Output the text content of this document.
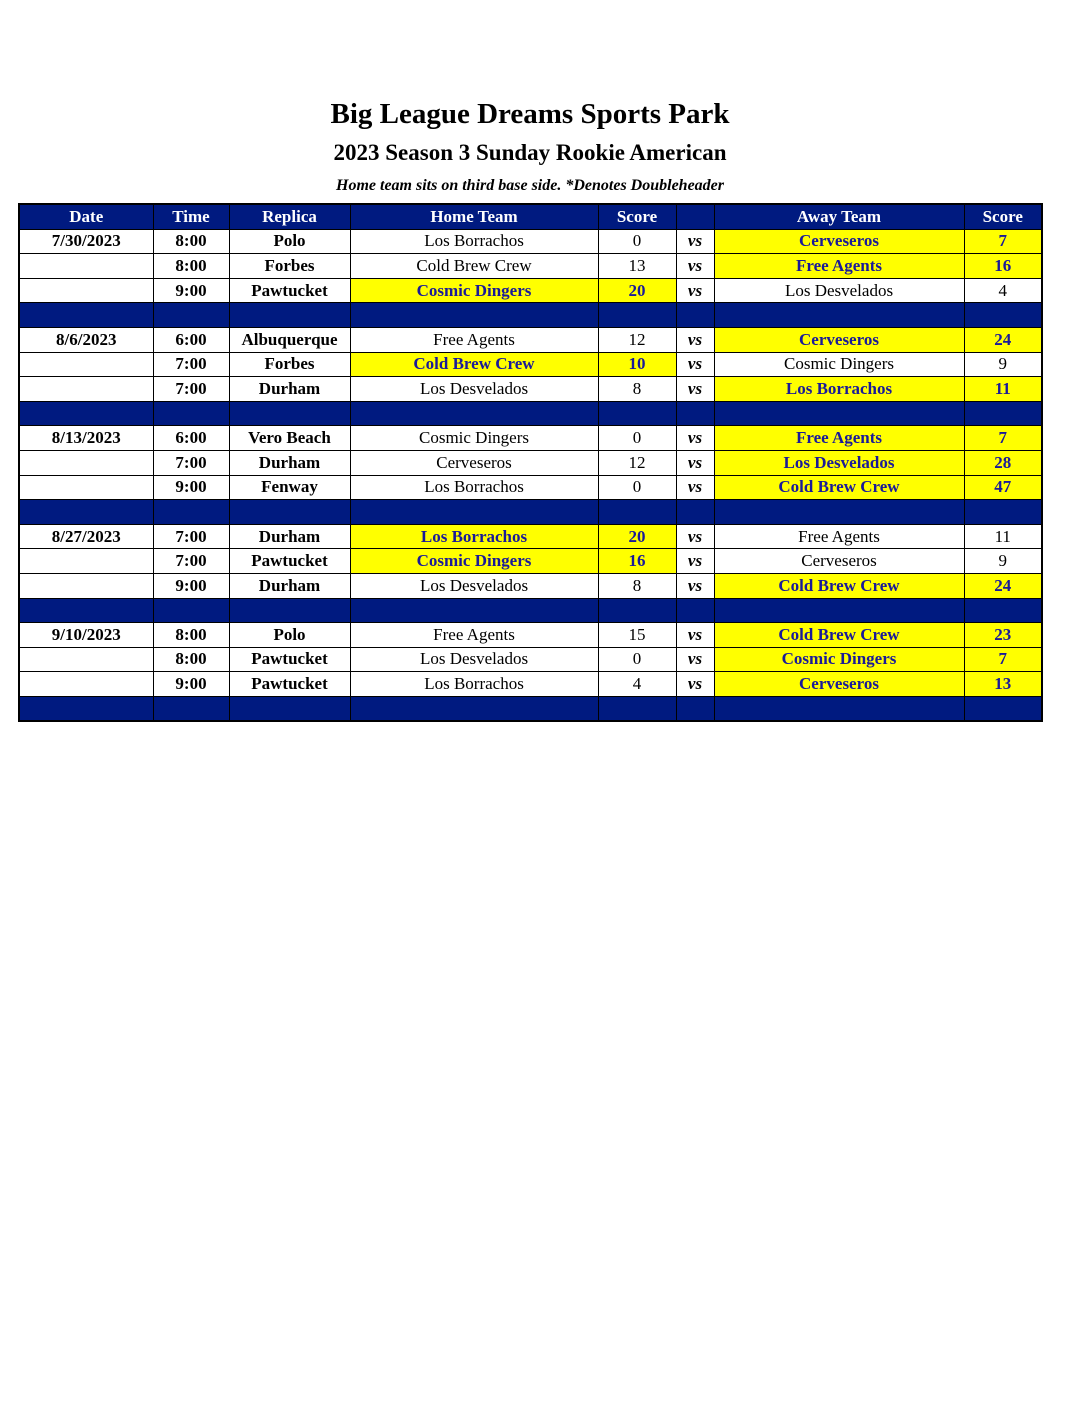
Big League Dreams Sports Park
2023 Season 3 Sunday Rookie American
Home team sits on third base side. *Denotes Doubleheader
Date	Time	Replica	Home Team	Score		Away Team	Score
7/30/2023	8:00	Polo	Los Borrachos	0	vs	Cerveseros	7
	8:00	Forbes	Cold Brew Crew	13	vs	Free Agents	16
	9:00	Pawtucket	Cosmic Dingers	20	vs	Los Desvelados	4

8/6/2023	6:00	Albuquerque	Free Agents	12	vs	Cerveseros	24
	7:00	Forbes	Cold Brew Crew	10	vs	Cosmic Dingers	9
	7:00	Durham	Los Desvelados	8	vs	Los Borrachos	11

8/13/2023	6:00	Vero Beach	Cosmic Dingers	0	vs	Free Agents	7
	7:00	Durham	Cerveseros	12	vs	Los Desvelados	28
	9:00	Fenway	Los Borrachos	0	vs	Cold Brew Crew	47

8/27/2023	7:00	Durham	Los Borrachos	20	vs	Free Agents	11
	7:00	Pawtucket	Cosmic Dingers	16	vs	Cerveseros	9
	9:00	Durham	Los Desvelados	8	vs	Cold Brew Crew	24

9/10/2023	8:00	Polo	Free Agents	15	vs	Cold Brew Crew	23
	8:00	Pawtucket	Los Desvelados	0	vs	Cosmic Dingers	7
	9:00	Pawtucket	Los Borrachos	4	vs	Cerveseros	13
